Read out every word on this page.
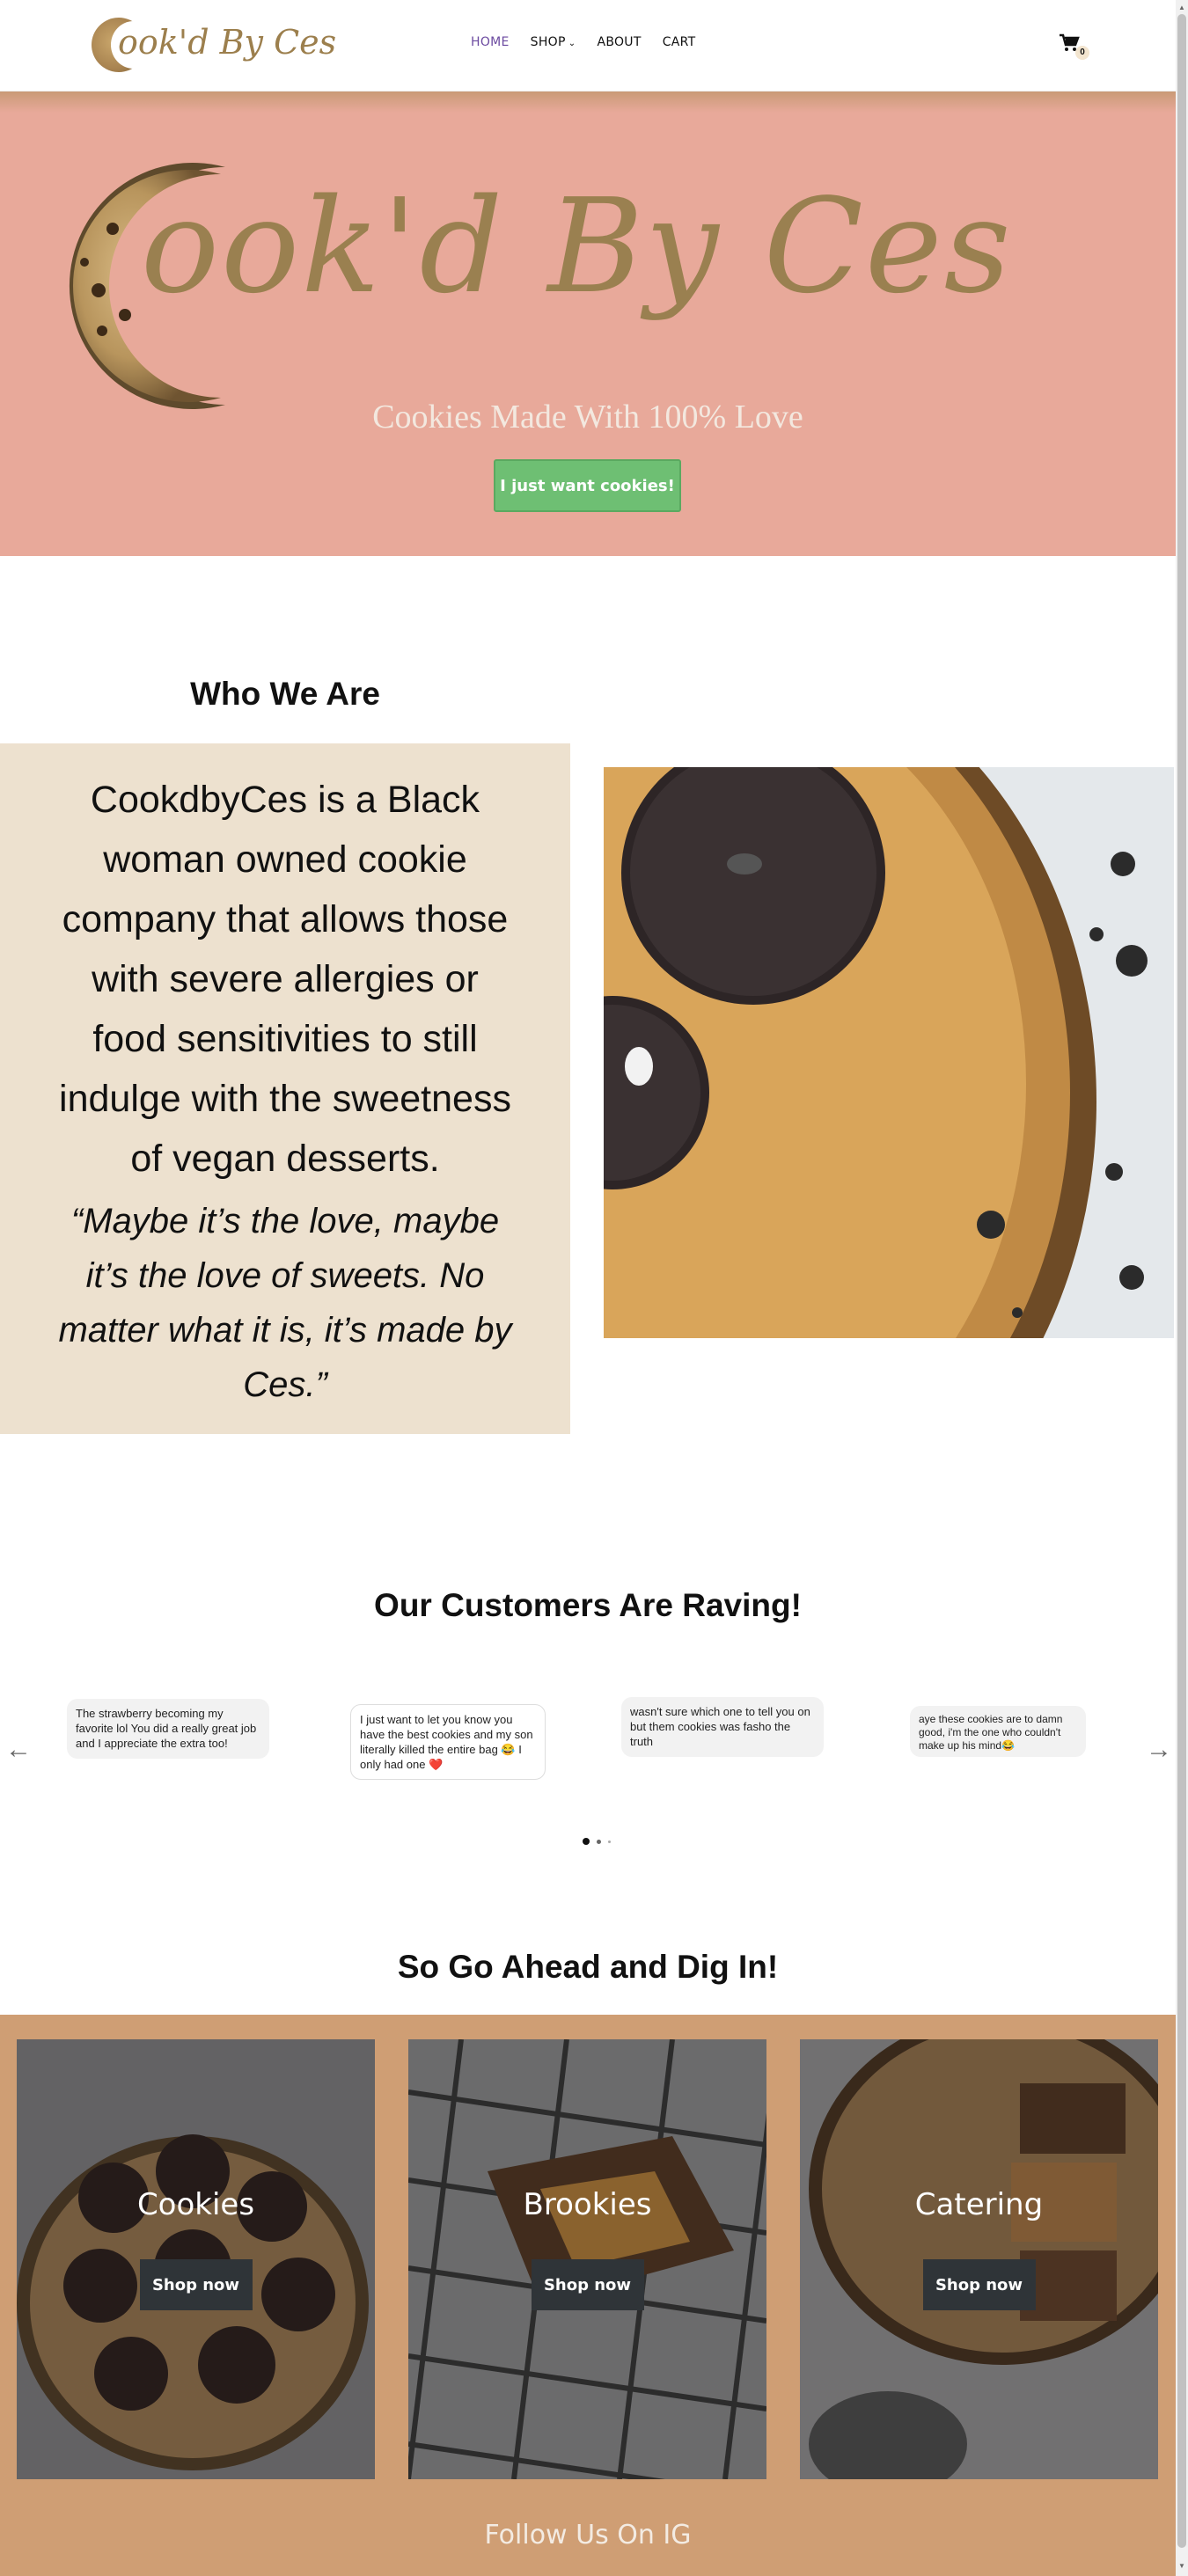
ook'd By Ces	HOME SHOP ⌄ ABOUT CART
0
ook'd By Ces
Cookies Made With 100% Love
I just want cookies!
Who We Are

CookdbyCes is a Black woman owned cookie company that allows those with severe allergies or food sensitivities to still indulge with the sweetness of vegan desserts.

“Maybe it’s the love, maybe it’s the love of sweets. No matter what it is, it’s made by Ces.”

Our Customers Are Raving!
←	→
The strawberry becoming my favorite lol You did a really great job and I appreciate the extra too!
I just want to let you know you have the best cookies and my son literally killed the entire bag 😂 I only had one ❤️
wasn't sure which one to tell you on but them cookies was fasho the truth
aye these cookies are to damn good, i'm the one who couldn't make up his mind😂
So Go Ahead and Dig In!
Cookies
Shop now
Brookies
Shop now
Catering
Shop now
Follow Us On IG
▲
▼
